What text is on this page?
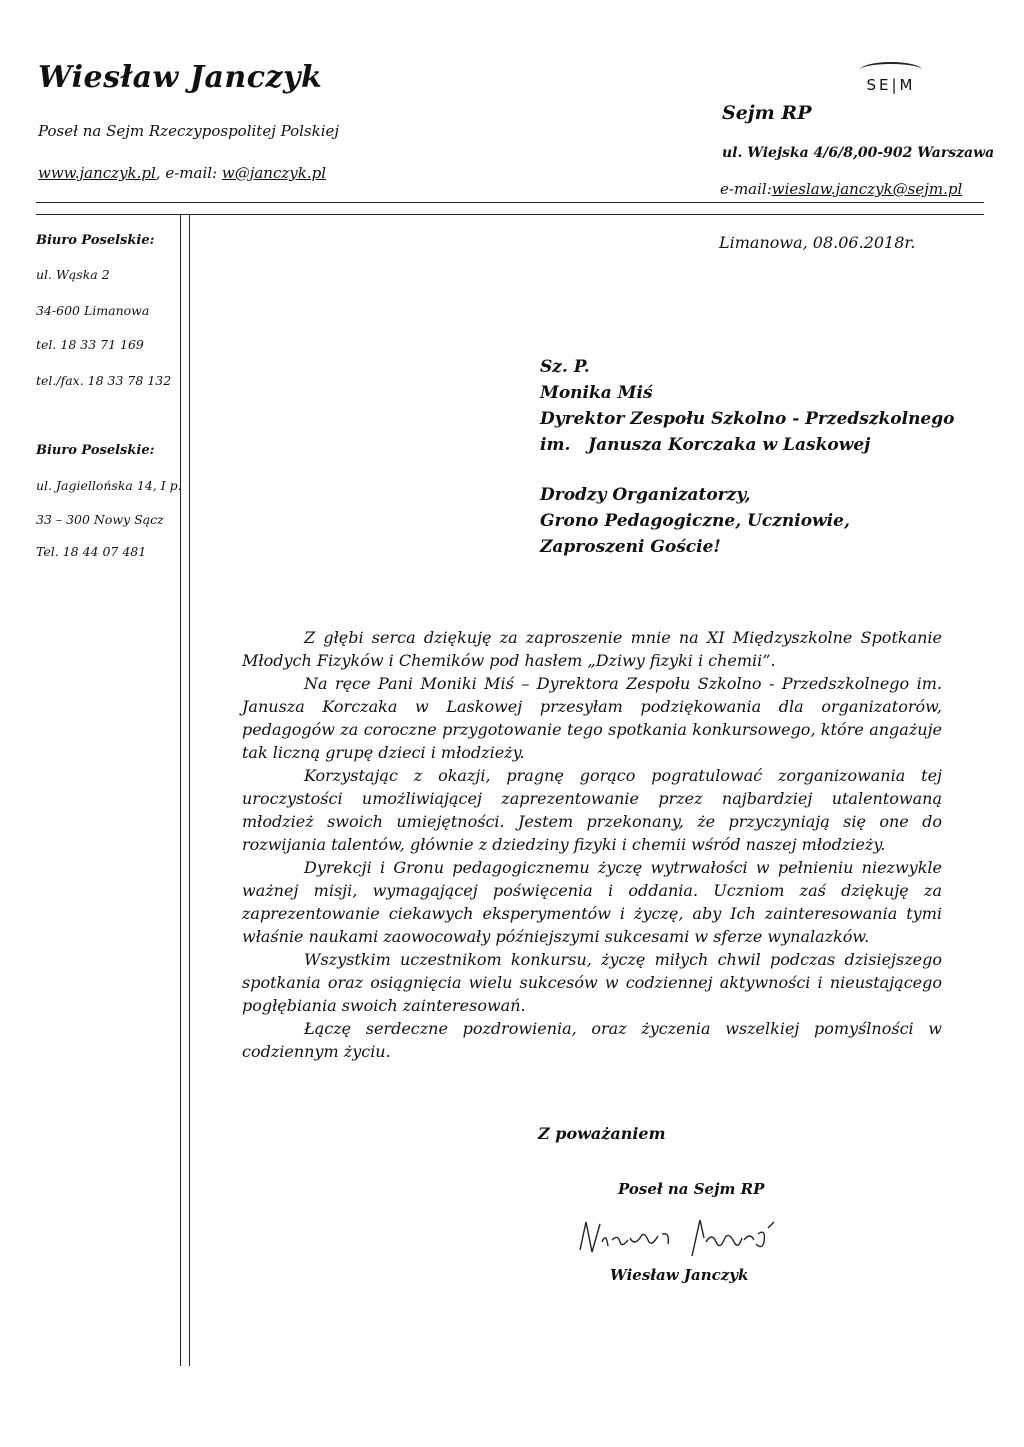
Wiesław Janczyk
Poseł na Sejm Rzeczypospolitej Polskiej
www.janczyk.pl, e-mail: w@janczyk.pl
SE|M
Sejm RP
ul. Wiejska 4/6/8,00-902 Warszawa
e-mail:wieslaw.janczyk@sejm.pl
Biuro Poselskie:
ul. Wąska 2
34-600 Limanowa
tel. 18 33 71 169
tel./fax. 18 33 78 132
Biuro Poselskie:
ul. Jagiellońska 14, I p.
33 – 300 Nowy Sącz
Tel. 18 44 07 481
Limanowa, 08.06.2018r.
Sz. P.
Monika Miś
Dyrektor Zespołu Szkolno - Przedszkolnego
im.   Janusza Korczaka w Laskowej
Drodzy Organizatorzy,
Grono Pedagogiczne, Uczniowie,
Zaproszeni Goście!

Z głębi serca dziękuję za zaproszenie mnie na XI Międzyszkolne Spotkanie Młodych Fizyków i Chemików pod hasłem „Dziwy fizyki i chemii”.

Na ręce Pani Moniki Miś – Dyrektora Zespołu Szkolno - Przedszkolnego im. Janusza Korczaka w Laskowej przesyłam podziękowania dla organizatorów, pedagogów za coroczne przygotowanie tego spotkania konkursowego, które angażuje tak liczną grupę dzieci i młodzieży.

Korzystając z okazji, pragnę gorąco pogratulować zorganizowania tej uroczystości umożliwiającej zaprezentowanie przez najbardziej utalentowaną młodzież swoich umiejętności. Jestem przekonany, że przyczyniają się one do rozwijania talentów, głównie z dziedziny fizyki i chemii wśród naszej młodzieży.

Dyrekcji i Gronu pedagogicznemu życzę wytrwałości w pełnieniu niezwykle ważnej misji, wymagającej poświęcenia i oddania. Uczniom zaś dziękuję za zaprezentowanie ciekawych eksperymentów i życzę, aby Ich zainteresowania tymi właśnie naukami zaowocowały późniejszymi sukcesami w sferze wynalazków.

Wszystkim uczestnikom konkursu, życzę miłych chwil podczas dzisiejszego spotkania oraz osiągnięcia wielu sukcesów w codziennej aktywności i nieustającego pogłębiania swoich zainteresowań.

Łączę serdeczne pozdrowienia, oraz życzenia wszelkiej pomyślności w codziennym życiu.

Z poważaniem
Poseł na Sejm RP
Wiesław Janczyk
